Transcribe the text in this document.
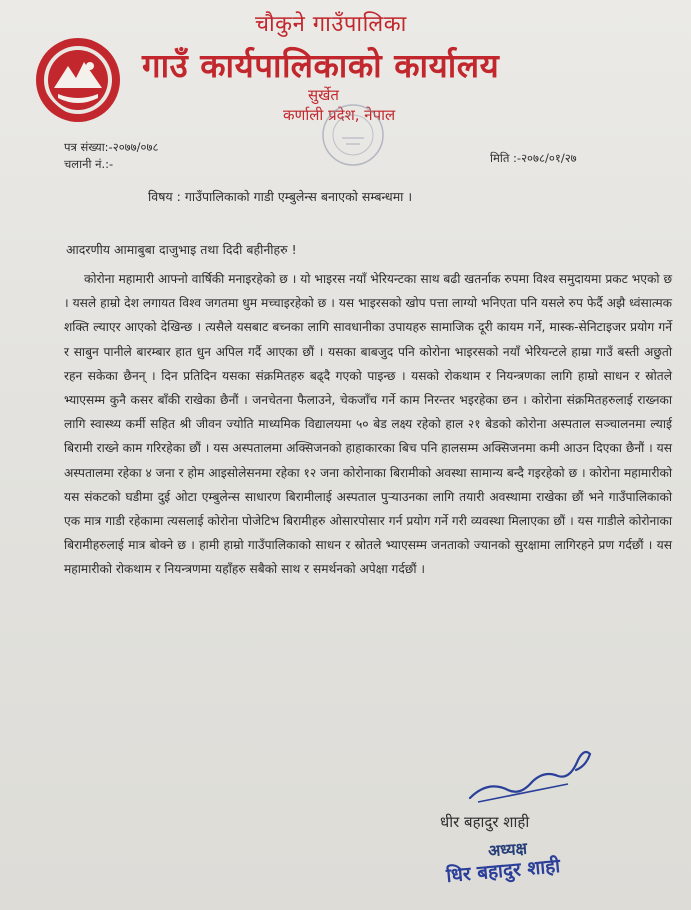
चौकुने गाउँपालिका
गाउँ कार्यपालिकाको कार्यालय
सुर्खेत
कर्णाली प्रदेश, नेपाल
पत्र संख्या:-२०७७/०७८
चलानी नं.:-	मिति :-२०७८/०१/२७
विषय : गाउँपालिकाको गाडी एम्बुलेन्स बनाएको सम्बन्धमा ।
आदरणीय आमाबुबा दाजुभाइ तथा दिदी बहीनीहरु !
कोरोना महामारी आफ्नो वार्षिकी मनाइरहेको छ । यो भाइरस नयाँ भेरियन्टका साथ बढी खतर्नाक रुपमा विश्व समुदायमा प्रकट भएको छ । यसले हाम्रो देश लगायत विश्व जगतमा धुम मच्चाइरहेको छ । यस भाइरसको खोप पत्ता लाग्यो भनिएता पनि यसले रुप फेर्दै अझै ध्वंसात्मक शक्ति ल्याएर आएको देखिन्छ । त्यसैले यसबाट बच्नका लागि सावधानीका उपायहरु सामाजिक दूरी कायम गर्ने, मास्क-सेनिटाइजर प्रयोग गर्ने र साबुन पानीले बारम्बार हात धुन अपिल गर्दै आएका छौं । यसका बाबजुद पनि कोरोना भाइरसको नयाँ भेरियन्टले हाम्रा गाउँ बस्ती अछुतो रहन सकेका छैनन् । दिन प्रतिदिन यसका संक्रमितहरु बढ्दै गएको पाइन्छ । यसको रोकथाम र नियन्त्रणका लागि हाम्रो साधन र स्रोतले भ्याएसम्म कुनै कसर बाँकी राखेका छैनौं । जनचेतना फैलाउने, चेकजाँच गर्ने काम निरन्तर भइरहेका छन । कोरोना संक्रमितहरुलाई राख्नका लागि स्वास्थ्य कर्मी सहित श्री जीवन ज्योति माध्यमिक विद्यालयमा ५० बेड लक्ष्य रहेको हाल २१ बेडको कोरोना अस्पताल सञ्चालनमा ल्याई बिरामी राख्ने काम गरिरहेका छौं । यस अस्पतालमा अक्सिजनको हाहाकारका बिच पनि हालसम्म अक्सिजनमा कमी आउन दिएका छैनौं । यस अस्पतालमा रहेका ४ जना र होम आइसोलेसनमा रहेका १२ जना कोरोनाका बिरामीको अवस्था सामान्य बन्दै गइरहेको छ । कोरोना महामारीको यस संकटको घडीमा दुई ओटा एम्बुलेन्स साधारण बिरामीलाई अस्पताल पुऱ्याउनका लागि तयारी अवस्थामा राखेका छौं भने गाउँपालिकाको एक मात्र गाडी रहेकामा त्यसलाई कोरोना पोजेटिभ बिरामीहरु ओसारपोसार गर्न प्रयोग गर्ने गरी व्यवस्था मिलाएका छौं । यस गाडीले कोरोनाका बिरामीहरुलाई मात्र बोक्ने छ । हामी हाम्रो गाउँपालिकाको साधन र स्रोतले भ्याएसम्म जनताको ज्यानको सुरक्षामा लागिरहने प्रण गर्दछौं । यस महामारीको रोकथाम र नियन्त्रणमा यहाँहरु सबैको साथ र समर्थनको अपेक्षा गर्दछौं ।
धीर बहादुर शाही
अध्यक्ष
धिर बहादुर शाही
